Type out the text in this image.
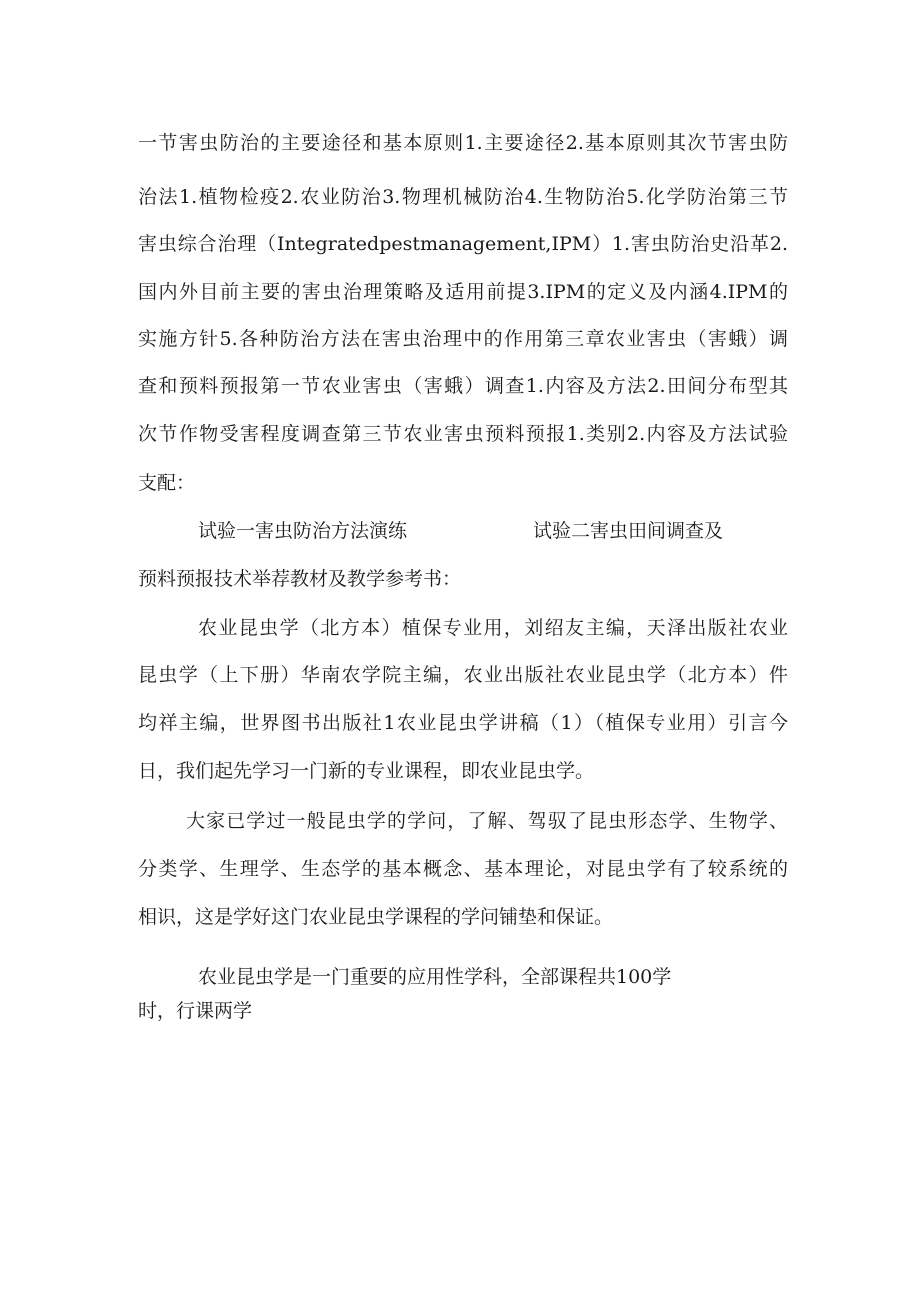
一节害虫防治的主要途径和基本原则1.主要途径2.基本原则其次节害虫防
治法1.植物检疫2.农业防治3.物理机械防治4.生物防治5.化学防治第三节
害虫综合治理（Integratedpestmanagement,IPM）1.害虫防治史沿革2.
国内外目前主要的害虫治理策略及适用前提3.IPM的定义及内涵4.IPM的
实施方针5.各种防治方法在害虫治理中的作用第三章农业害虫（害蛾）调
查和预料预报第一节农业害虫（害蛾）调查1.内容及方法2.田间分布型其
次节作物受害程度调查第三节农业害虫预料预报1.类别2.内容及方法试验
支配：
试验一害虫防治方法演练	试验二害虫田间调查及
预料预报技术举荐教材及教学参考书：
农业昆虫学（北方本）植保专业用，刘绍友主编，天泽出版社农业
昆虫学（上下册）华南农学院主编，农业出版社农业昆虫学（北方本）件
均祥主编，世界图书出版社1农业昆虫学讲稿（1）（植保专业用）引言今
日，我们起先学习一门新的专业课程，即农业昆虫学。
大家已学过一般昆虫学的学问，了解、驾驭了昆虫形态学、生物学、
分类学、生理学、生态学的基本概念、基本理论，对昆虫学有了较系统的
相识，这是学好这门农业昆虫学课程的学问铺垫和保证。
农业昆虫学是一门重要的应用性学科，全部课程共100学
时，行课两学
